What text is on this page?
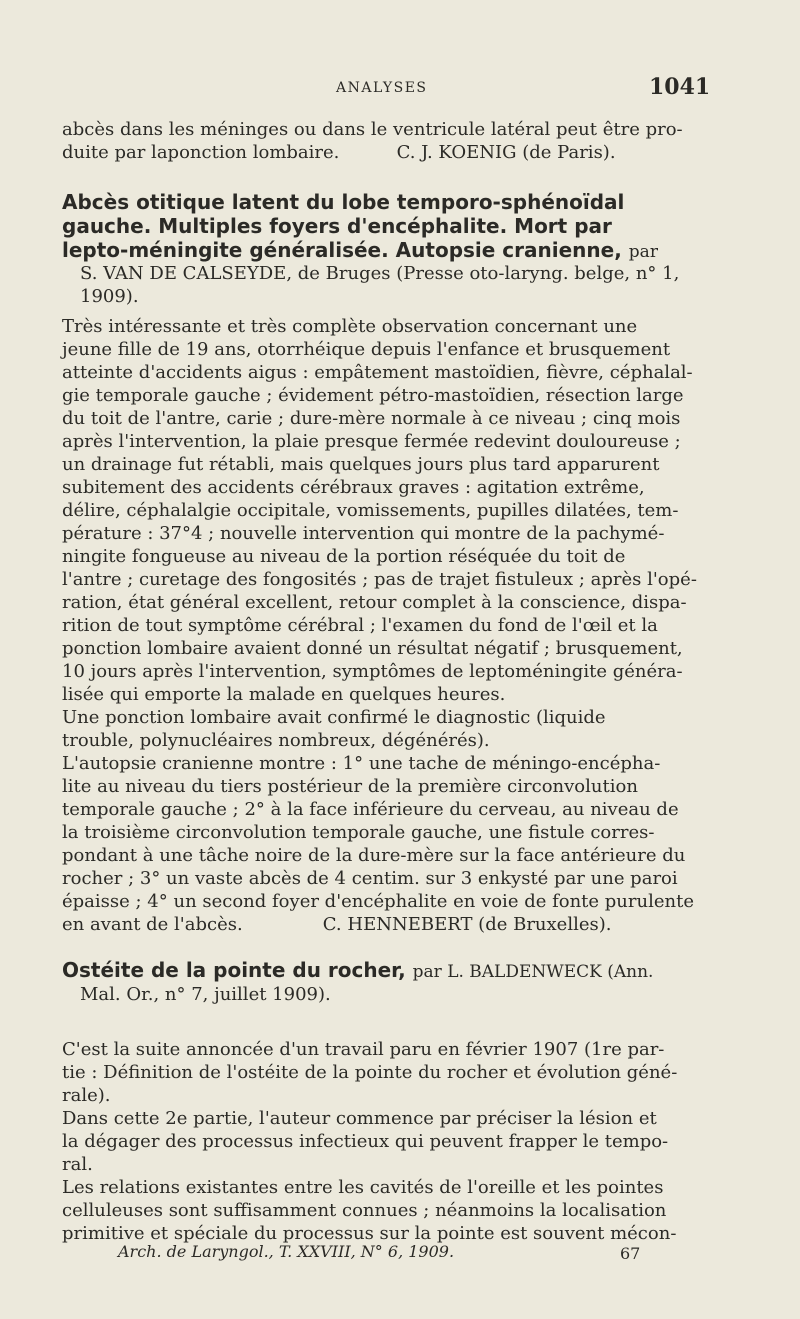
ANALYSES	1041
abcès dans les méninges ou dans le ventricule latéral peut être pro-
duite par laponction lombaire.          C. J. KOENIG (de Paris).
Abcès otitique latent du lobe temporo-sphénoïdal
gauche. Multiples foyers d'encéphalite. Mort par
lepto-méningite généralisée. Autopsie cranienne, par
S. VAN DE CALSEYDE, de Bruges (Presse oto-laryng. belge, n° 1,
1909).
Très intéressante et très complète observation concernant une
jeune fille de 19 ans, otorrhéique depuis l'enfance et brusquement
atteinte d'accidents aigus : empâtement mastoïdien, fièvre, céphalal-
gie temporale gauche ; évidement pétro-mastoïdien, résection large
du toit de l'antre, carie ; dure-mère normale à ce niveau ; cinq mois
après l'intervention, la plaie presque fermée redevint douloureuse ;
un drainage fut rétabli, mais quelques jours plus tard apparurent
subitement des accidents cérébraux graves : agitation extrême,
délire, céphalalgie occipitale, vomissements, pupilles dilatées, tem-
pérature : 37°4 ; nouvelle intervention qui montre de la pachymé-
ningite fongueuse au niveau de la portion réséquée du toit de
l'antre ; curetage des fongosités ; pas de trajet fistuleux ; après l'opé-
ration, état général excellent, retour complet à la conscience, dispa-
rition de tout symptôme cérébral ; l'examen du fond de l'œil et la
ponction lombaire avaient donné un résultat négatif ; brusquement,
10 jours après l'intervention, symptômes de leptoméningite généra-
lisée qui emporte la malade en quelques heures.
Une ponction lombaire avait confirmé le diagnostic (liquide
trouble, polynucléaires nombreux, dégénérés).
L'autopsie cranienne montre : 1° une tache de méningo-encépha-
lite au niveau du tiers postérieur de la première circonvolution
temporale gauche ; 2° à la face inférieure du cerveau, au niveau de
la troisième circonvolution temporale gauche, une fistule corres-
pondant à une tâche noire de la dure-mère sur la face antérieure du
rocher ; 3° un vaste abcès de 4 centim. sur 3 enkysté par une paroi
épaisse ; 4° un second foyer d'encéphalite en voie de fonte purulente
en avant de l'abcès.              C. HENNEBERT (de Bruxelles).
Ostéite de la pointe du rocher, par L. BALDENWECK (Ann.
Mal. Or., n° 7, juillet 1909).
C'est la suite annoncée d'un travail paru en février 1907 (1re par-
tie : Définition de l'ostéite de la pointe du rocher et évolution géné-
rale).
Dans cette 2e partie, l'auteur commence par préciser la lésion et
la dégager des processus infectieux qui peuvent frapper le tempo-
ral.
Les relations existantes entre les cavités de l'oreille et les pointes
celluleuses sont suffisamment connues ; néanmoins la localisation
primitive et spéciale du processus sur la pointe est souvent mécon-
Arch. de Laryngol., T. XXVIII, N° 6, 1909.	67
